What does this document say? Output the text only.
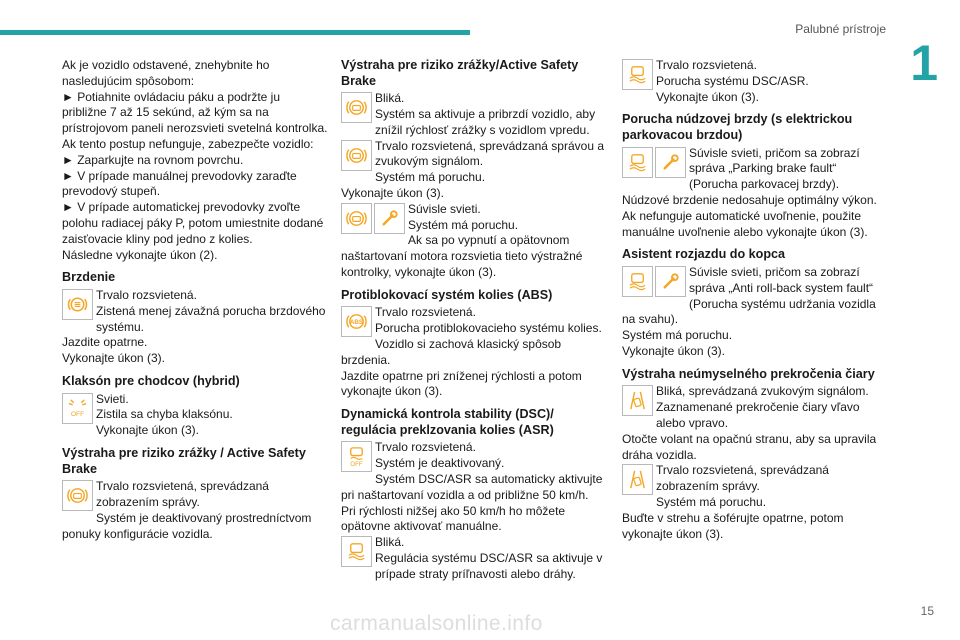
Palubné prístroje
1
15
carmanualsonline.info

Ak je vozidlo odstavené, znehybnite ho nasledujúcim spôsobom:

► Potiahnite ovládaciu páku a podržte ju približne 7 až 15 sekúnd, až kým sa na prístrojovom paneli nerozsvieti svetelná kontrolka.

Ak tento postup nefunguje, zabezpečte vozidlo:

► Zaparkujte na rovnom povrchu.

► V prípade manuálnej prevodovky zaraďte prevodový stupeň.

► V prípade automatickej prevodovky zvoľte polohu radiacej páky P, potom umiestnite dodané zaisťovacie kliny pod jedno z kolies.

Následne vykonajte úkon (2).

Brzdenie

Trvalo rozsvietená.

Zistená menej závažná porucha brzdového systému.

Jazdite opatrne.

Vykonajte úkon (3).

Klaksón pre chodcov (hybrid)
OFF

Svieti.

Zistila sa chyba klaksónu.

Vykonajte úkon (3).

Výstraha pre riziko zrážky / Active Safety Brake

Trvalo rozsvietená, sprevádzaná zobrazením správy.

Systém je deaktivovaný prostredníctvom ponuky konfigurácie vozidla.

Výstraha pre riziko zrážky/Active Safety Brake

Bliká.

Systém sa aktivuje a pribrzdí vozidlo, aby znížil rýchlosť zrážky s vozidlom vpredu.

Trvalo rozsvietená, sprevádzaná správou a zvukovým signálom.

Systém má poruchu.

Vykonajte úkon (3).

Súvisle svieti.

Systém má poruchu.

Ak sa po vypnutí a opätovnom naštartovaní motora rozsvietia tieto výstražné kontrolky, vykonajte úkon (3).

Protiblokovací systém kolies (ABS)
ABS

Trvalo rozsvietená.

Porucha protiblokovacieho systému kolies.

Vozidlo si zachová klasický spôsob brzdenia.

Jazdite opatrne pri zníženej rýchlosti a potom vykonajte úkon (3).

Dynamická kontrola stability (DSC)/ regulácia preklzovania kolies (ASR)
OFF

Trvalo rozsvietená.

Systém je deaktivovaný.

Systém DSC/ASR sa automaticky aktivujte pri naštartovaní vozidla a od približne 50 km/h.

Pri rýchlosti nižšej ako 50 km/h ho môžete opätovne aktivovať manuálne.

Bliká.

Regulácia systému DSC/ASR sa aktivuje v prípade straty príľnavosti alebo dráhy.

Trvalo rozsvietená.

Porucha systému DSC/ASR.

Vykonajte úkon (3).

Porucha núdzovej brzdy (s elektrickou parkovacou brzdou)

Súvisle svieti, pričom sa zobrazí správa „Parking brake fault“

(Porucha parkovacej brzdy).

Núdzové brzdenie nedosahuje optimálny výkon.

Ak nefunguje automatické uvoľnenie, použite manuálne uvoľnenie alebo vykonajte úkon (3).

Asistent rozjazdu do kopca

Súvisle svieti, pričom sa zobrazí správa „Anti roll-back system fault“

(Porucha systému udržania vozidla na svahu).

Systém má poruchu.

Vykonajte úkon (3).

Výstraha neúmyselného prekročenia čiary

Bliká, sprevádzaná zvukovým signálom.

Zaznamenané prekročenie čiary vľavo alebo vpravo.

Otočte volant na opačnú stranu, aby sa upravila dráha vozidla.

Trvalo rozsvietená, sprevádzaná zobrazením správy.

Systém má poruchu.

Buďte v strehu a šoférujte opatrne, potom vykonajte úkon (3).
